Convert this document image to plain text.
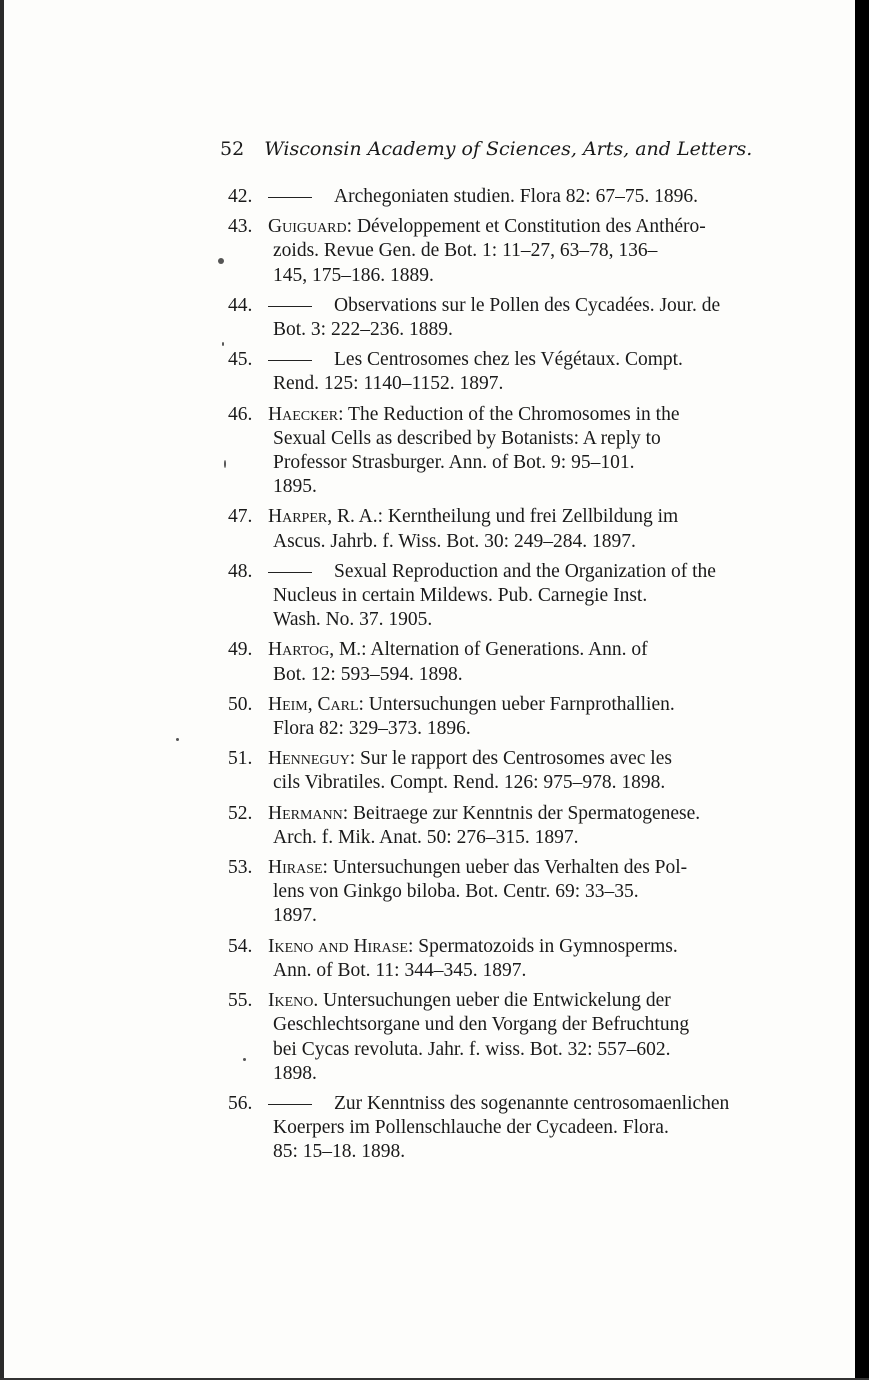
52 Wisconsin Academy of Sciences, Arts, and Letters.
42.	Archegoniaten studien. Flora 82: 67–75. 1896.
43. Guiguard: Développement et Constitution des Anthéro-
zoids. Revue Gen. de Bot. 1: 11–27, 63–78, 136–
145, 175–186. 1889.
44.	Observations sur le Pollen des Cycadées. Jour. de
Bot. 3: 222–236. 1889.
45.	Les Centrosomes chez les Végétaux. Compt.
Rend. 125: 1140–1152. 1897.
46. Haecker: The Reduction of the Chromosomes in the
Sexual Cells as described by Botanists: A reply to
Professor Strasburger. Ann. of Bot. 9: 95–101.
1895.
47. Harper, R. A.: Kerntheilung und frei Zellbildung im
Ascus. Jahrb. f. Wiss. Bot. 30: 249–284. 1897.
48.	Sexual Reproduction and the Organization of the
Nucleus in certain Mildews. Pub. Carnegie Inst.
Wash. No. 37. 1905.
49. Hartog, M.: Alternation of Generations. Ann. of
Bot. 12: 593–594. 1898.
50. Heim, Carl: Untersuchungen ueber Farnprothallien.
Flora 82: 329–373. 1896.
51. Henneguy: Sur le rapport des Centrosomes avec les
cils Vibratiles. Compt. Rend. 126: 975–978. 1898.
52. Hermann: Beitraege zur Kenntnis der Spermatogenese.
Arch. f. Mik. Anat. 50: 276–315. 1897.
53. Hirase: Untersuchungen ueber das Verhalten des Pol-
lens von Ginkgo biloba. Bot. Centr. 69: 33–35.
1897.
54. Ikeno and Hirase: Spermatozoids in Gymnosperms.
Ann. of Bot. 11: 344–345. 1897.
55. Ikeno. Untersuchungen ueber die Entwickelung der
Geschlechtsorgane und den Vorgang der Befruchtung
bei Cycas revoluta. Jahr. f. wiss. Bot. 32: 557–602.
1898.
56.	Zur Kenntniss des sogenannte centrosomaenlichen
Koerpers im Pollenschlauche der Cycadeen. Flora.
85: 15–18. 1898.
